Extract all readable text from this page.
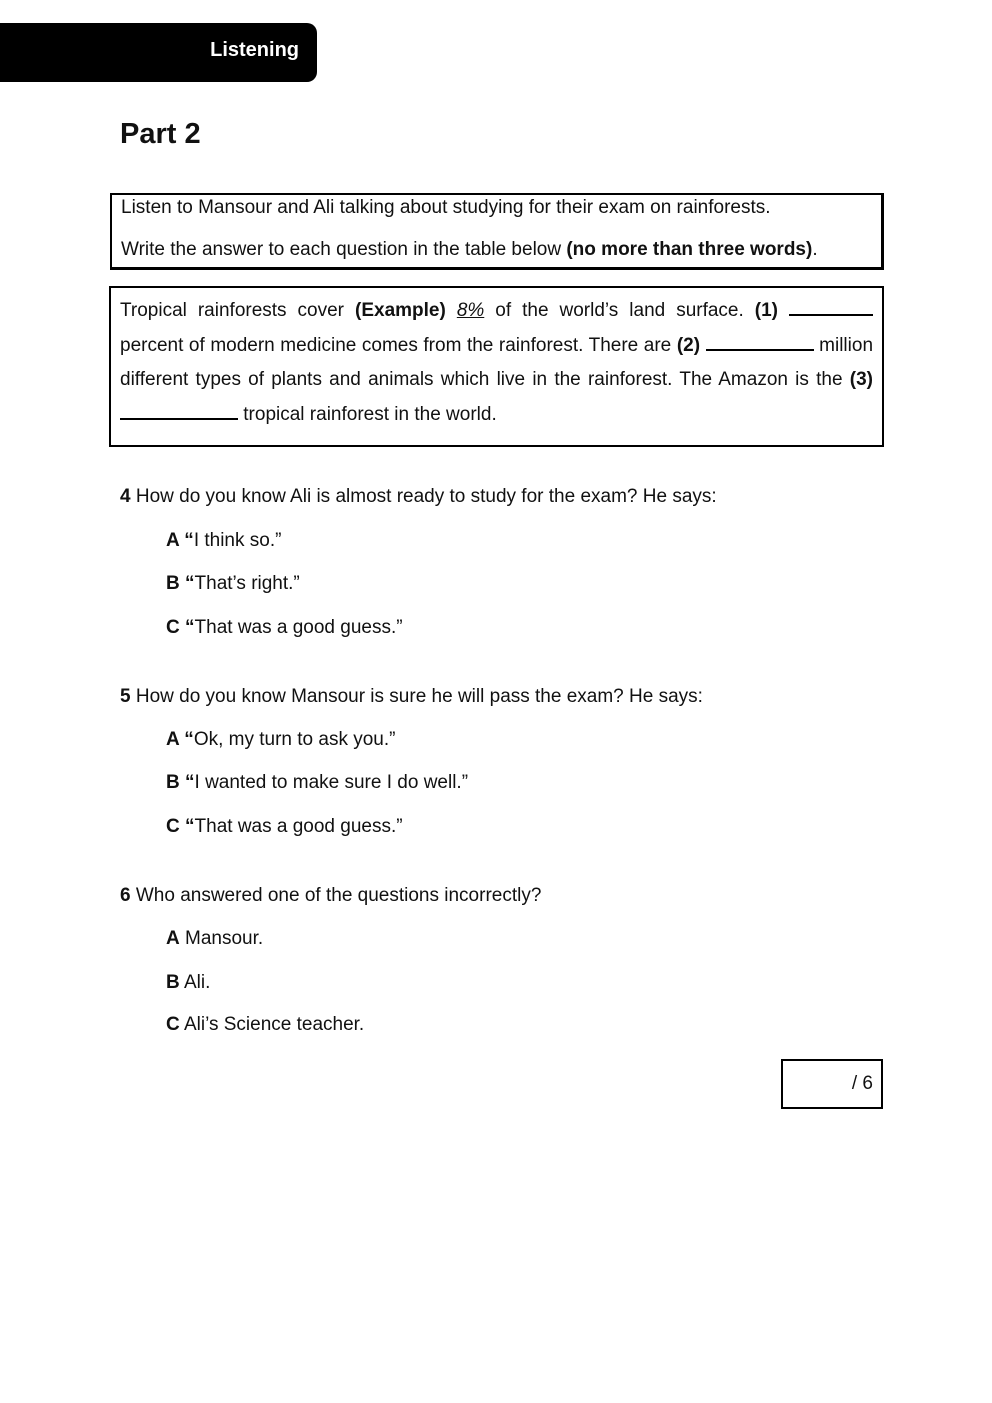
Listening
Part 2
Listen to Mansour and Ali talking about studying for their exam on rainforests.
Write the answer to each question in the table below (no more than three words).
Tropical rainforests cover (Example) 8% of the world’s land surface. (1)  percent of modern medicine comes from the rainforest. There are (2)	million different types of plants and animals which live in the rainforest. The Amazon is the (3)  tropical rainforest in the world.
4 How do you know Ali is almost ready to study for the exam? He says:
A “I think so.”
B “That’s right.”
C “That was a good guess.”
5 How do you know Mansour is sure he will pass the exam? He says:
A “Ok, my turn to ask you.”
B “I wanted to make sure I do well.”
C “That was a good guess.”
6 Who answered one of the questions incorrectly?
A Mansour.
B Ali.
C Ali’s Science teacher.
/ 6
